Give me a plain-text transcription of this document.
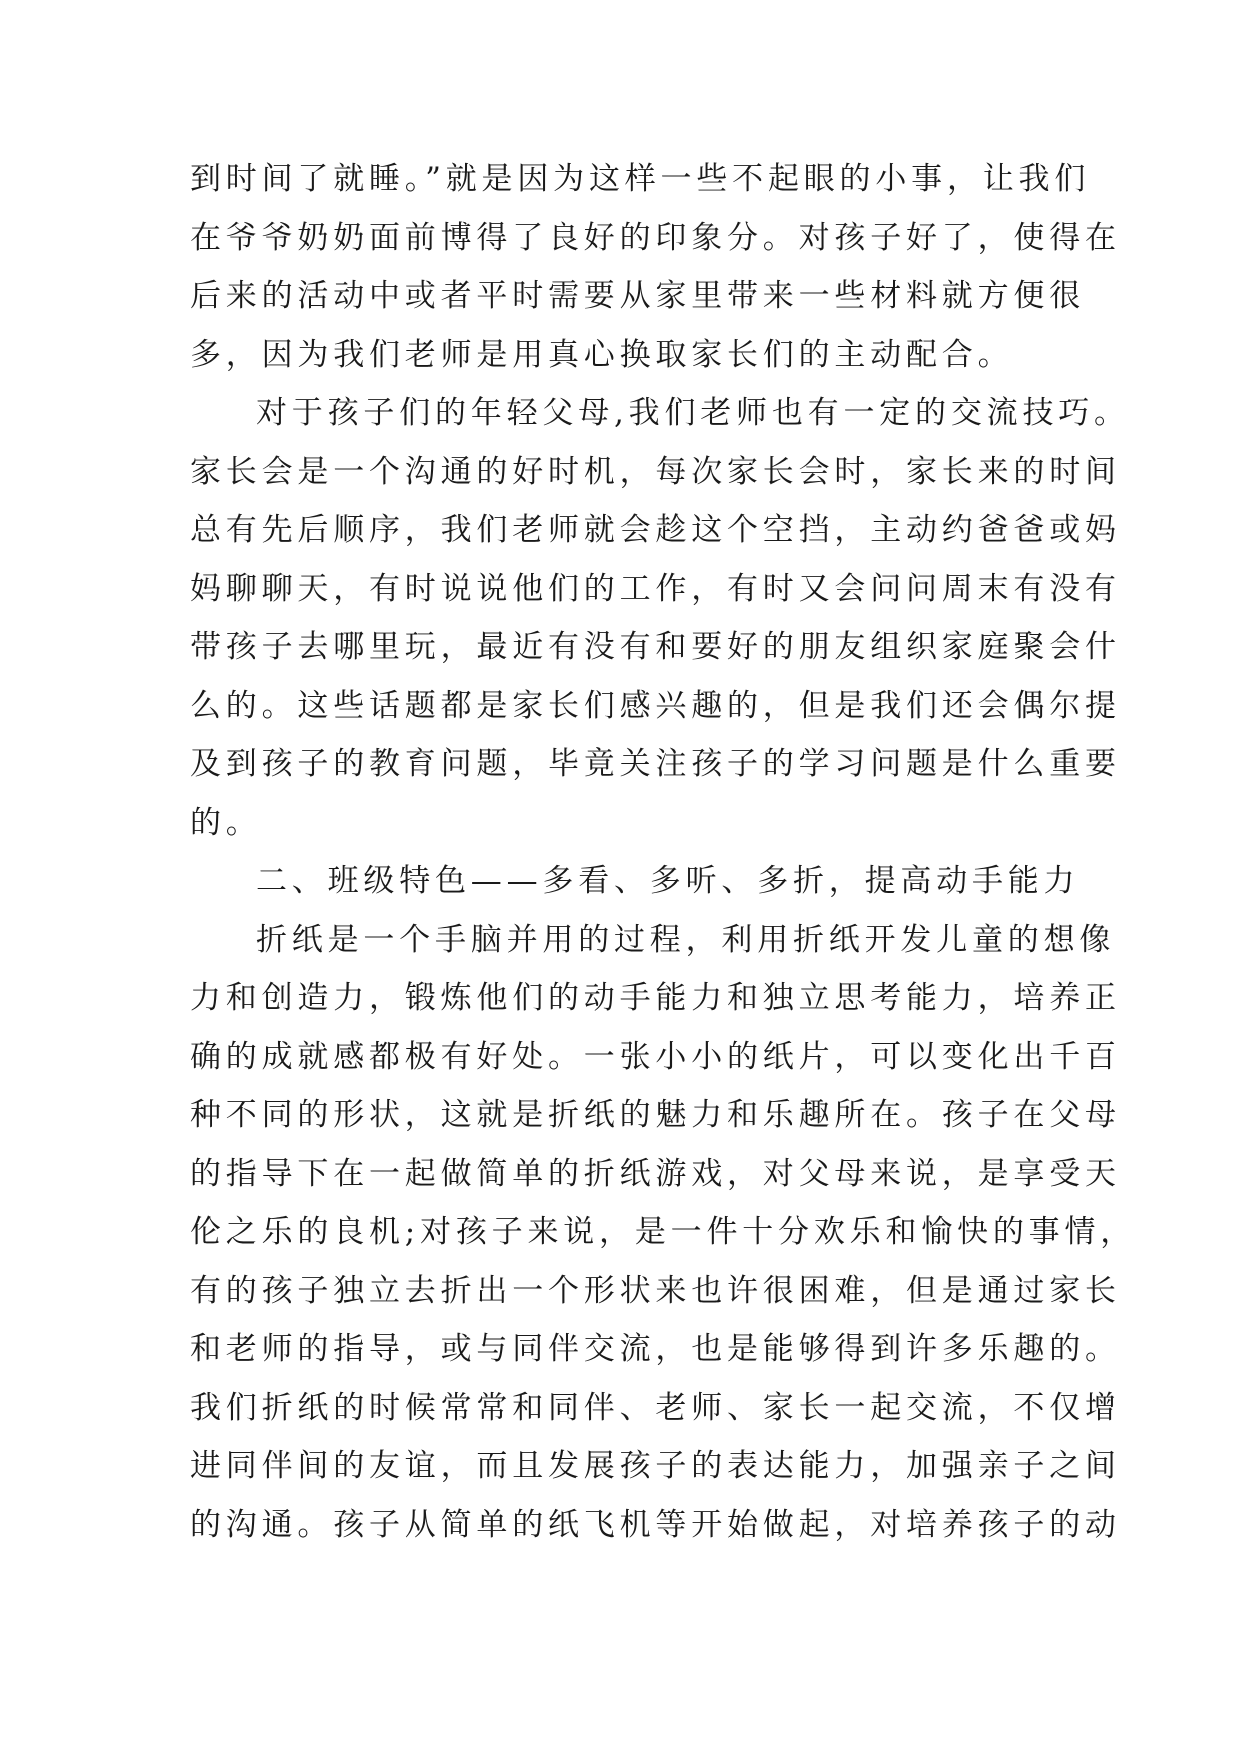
到时间了就睡。”就是因为这样一些不起眼的小事，让我们
在爷爷奶奶面前博得了良好的印象分。对孩子好了，使得在
后来的活动中或者平时需要从家里带来一些材料就方便很
多，因为我们老师是用真心换取家长们的主动配合。
对于孩子们的年轻父母,我们老师也有一定的交流技巧。
家长会是一个沟通的好时机，每次家长会时，家长来的时间
总有先后顺序，我们老师就会趁这个空挡，主动约爸爸或妈
妈聊聊天，有时说说他们的工作，有时又会问问周末有没有
带孩子去哪里玩，最近有没有和要好的朋友组织家庭聚会什
么的。这些话题都是家长们感兴趣的，但是我们还会偶尔提
及到孩子的教育问题，毕竟关注孩子的学习问题是什么重要
的。
二、班级特色——多看、多听、多折，提高动手能力
折纸是一个手脑并用的过程，利用折纸开发儿童的想像
力和创造力，锻炼他们的动手能力和独立思考能力，培养正
确的成就感都极有好处。一张小小的纸片，可以变化出千百
种不同的形状，这就是折纸的魅力和乐趣所在。孩子在父母
的指导下在一起做简单的折纸游戏，对父母来说，是享受天
伦之乐的良机;对孩子来说，是一件十分欢乐和愉快的事情，
有的孩子独立去折出一个形状来也许很困难，但是通过家长
和老师的指导，或与同伴交流，也是能够得到许多乐趣的。
我们折纸的时候常常和同伴、老师、家长一起交流，不仅增
进同伴间的友谊，而且发展孩子的表达能力，加强亲子之间
的沟通。孩子从简单的纸飞机等开始做起，对培养孩子的动
